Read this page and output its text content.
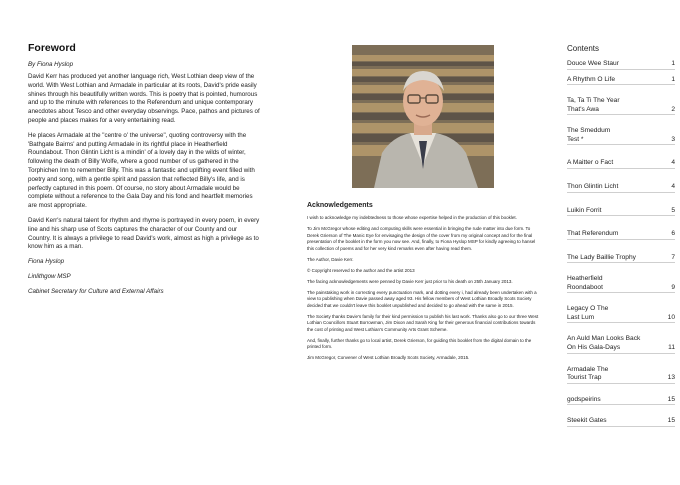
Foreword
By Fiona Hyslop

David Kerr has produced yet another language rich, West Lothian deep view of the world. With West Lothian and Armadale in particular at its roots, David's pride easily shines through his beautifully written words. This is poetry that is pointed, humorous and up to the minute with references to the Referendum and unique contemporary anecdotes about Tesco and other everyday observings. Pace, pathos and pictures of people and places makes for a very entertaining read.

He places Armadale at the "centre o' the universe", quoting controversy with the 'Bathgate Bairns' and putting Armadale in its rightful place in Heatherfield Roundabout. Thon Glintin Licht is a mindin' of a lovely day in the wilds of winter, following the death of Billy Wolfe, where a good number of us gathered in the Torphichen Inn to remember Billy. This was a fantastic and uplifting event filled with poetry and song, with a gentle spirit and passion that reflected Billy's life, and is perfectly captured in this poem. Of course, no story about Armadale would be complete without a reference to the Gala Day and his fond and heartfelt memories are most appropriate.

David Kerr's natural talent for rhythm and rhyme is portrayed in every poem, in every line and his sharp use of Scots captures the character of our County and our Country. It is always a privilege to read David's work, almost as high a privilege as to know him as a man.

Fiona Hyslop
Linlithgow MSP
Cabinet Secretary for Culture and External Affairs
Acknowledgements

I wish to acknowledge my indebtedness to those whose expertise helped in the production of this booklet.

To Jim McGregor whose editing and computing skills were essential in bringing the rude matter into due form. To Derek Grierson of The Manic Eye for envisaging the design of the cover from my original concept and for the final presentation of the booklet in the form you now see. And, finally, to Fiona Hyslop MSP for kindly agreeing to hansel this collection of poems and for her very kind remarks even after having read them.

The Author, Davie Kerr.

© Copyright reserved to the author and the artist 2013

The facing acknowledgements were penned by Davie Kerr just prior to his death on 25th January 2013.

The painstaking work in correcting every punctuation mark, and dotting every i, had already been undertaken with a view to publishing when Davie passed away aged 93. His fellow members of West Lothian Broadly Scots Society decided that we couldn't leave this booklet unpublished and decided to go ahead with the same in 2015.

The Society thanks Davie's family for their kind permission to publish his last work. Thanks also go to our three West Lothian Councillors Stuart Borrowman, Jim Dixon and Sarah King for their generous financial contributions towards the cost of printing and West Lothian's Community Arts Grant Scheme.

And, finally, further thanks go to local artist, Derek Grierson, for guiding this booklet from the digital domain to the printed form.

Jim McGregor, Convener of West Lothian Broadly Scots Society, Armadale, 2015.

Contents
Douce Wee Staur	1
A Rhythm O Life	1
Ta, Ta Ti The Year
That's Awa	2
The Smeddum
Test *	3
A Maitter o Fact	4
Thon Glintin Licht	4
Luikin Forrit	5
That Referendum	6
The Lady Baillie Trophy	7
Heatherfield
Roondaboot	9
Legacy O The
Last Lum	10
An Auld Man Looks Back
On His Gala-Days	11
Armadale The
Tourist Trap	13
godspeirins	15
Steekit Gates	15
